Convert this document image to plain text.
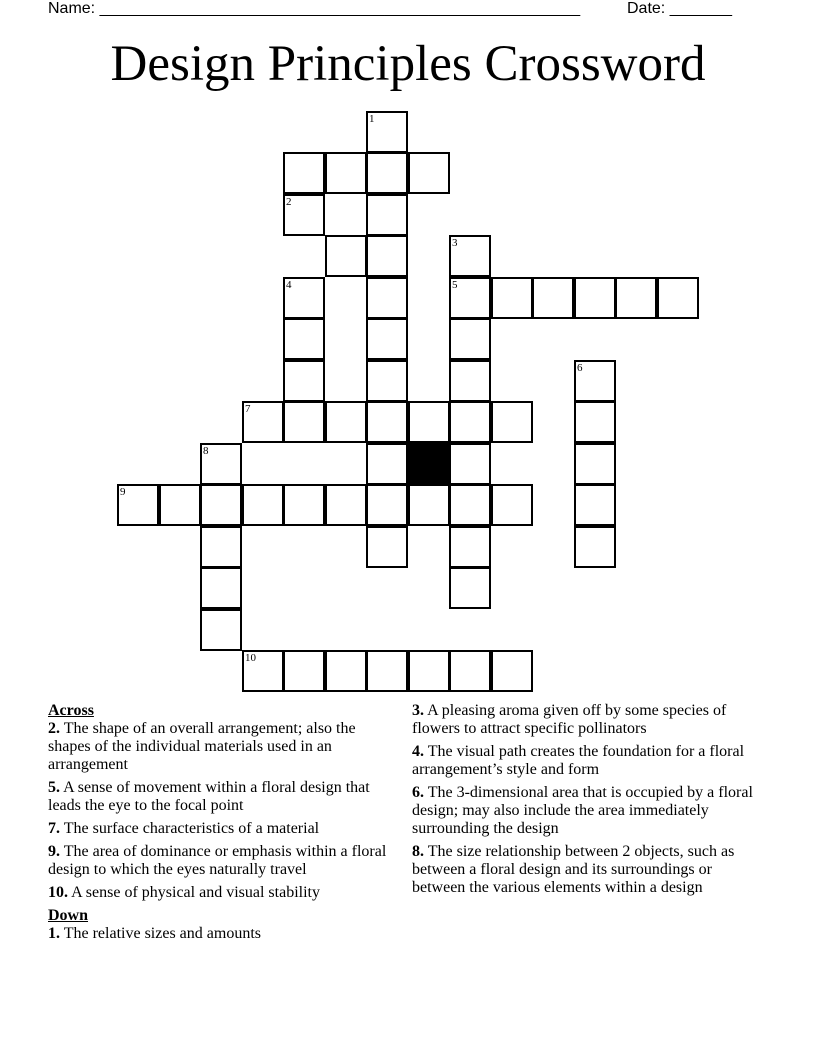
Name: ______________________________________________________	Date: _______
Design Principles Crossword
1
2
3
4	5
6
7
8
9
10
Across
2. The shape of an overall arrangement; also the shapes of the individual materials used in an arrangement
5. A sense of movement within a floral design that leads the eye to the focal point
7. The surface characteristics of a material
9. The area of dominance or emphasis within a floral design to which the eyes naturally travel
10. A sense of physical and visual stability
Down
1. The relative sizes and amounts
3. A pleasing aroma given off by some species of flowers to attract specific pollinators
4. The visual path creates the foundation for a floral arrangement’s style and form
6. The 3-dimensional area that is occupied by a floral design; may also include the area immediately surrounding the design
8. The size relationship between 2 objects, such as between a floral design and its surroundings or between the various elements within a design
